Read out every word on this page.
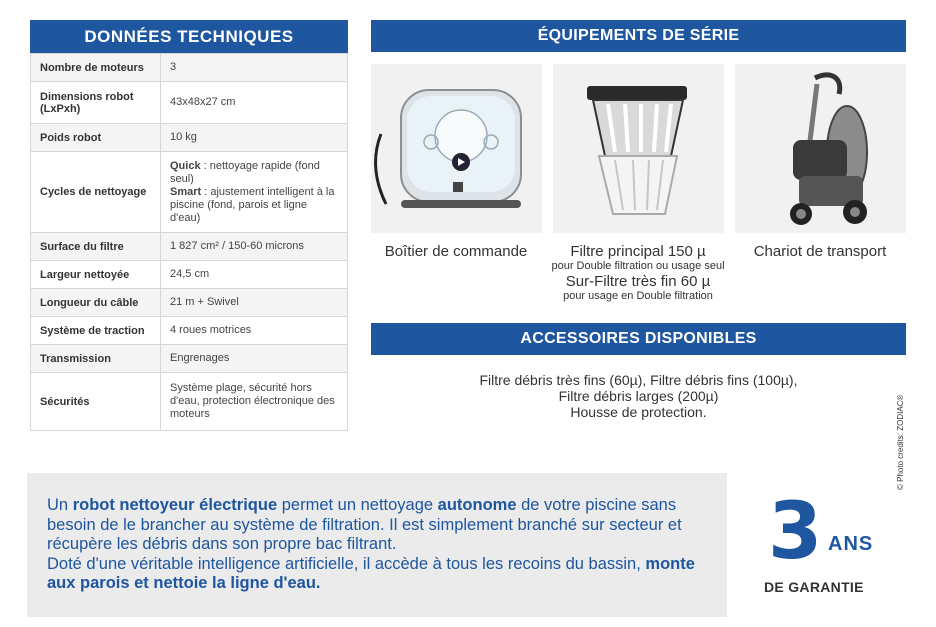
DONNÉES TECHNIQUES
Nombre de moteurs	3
Dimensions robot (LxPxh)	43x48x27 cm
Poids robot	10 kg
Cycles de nettoyage	Quick : nettoyage rapide (fond seul)
Smart : ajustement intelligent à la piscine (fond, parois et ligne d'eau)
Surface du filtre	1 827 cm² / 150-60 microns
Largeur nettoyée	24,5 cm
Longueur du câble	21 m + Swivel
Système de traction	4 roues motrices
Transmission	Engrenages
Sécurités	Système plage, sécurité hors d'eau, protection électronique des moteurs
ÉQUIPEMENTS DE SÉRIE
Boîtier de commande	Filtre principal 150 µ
pour Double filtration ou usage seul
Sur-Filtre très fin 60 µ
pour usage en Double filtration
Chariot de transport
ACCESSOIRES DISPONIBLES
Filtre débris très fins (60µ), Filtre débris fins (100µ),
Filtre débris larges (200µ)
Housse de protection.	© Photo credits: ZODIAC®
Un robot nettoyeur électrique permet un nettoyage autonome de votre piscine sans besoin de le brancher au système de filtration. Il est simplement branché sur secteur et récupère les débris dans son propre bac filtrant.
Doté d'une véritable intelligence artificielle, il accède à tous les recoins du bassin, monte aux parois et nettoie la ligne d'eau.
3 ANS
DE GARANTIE
